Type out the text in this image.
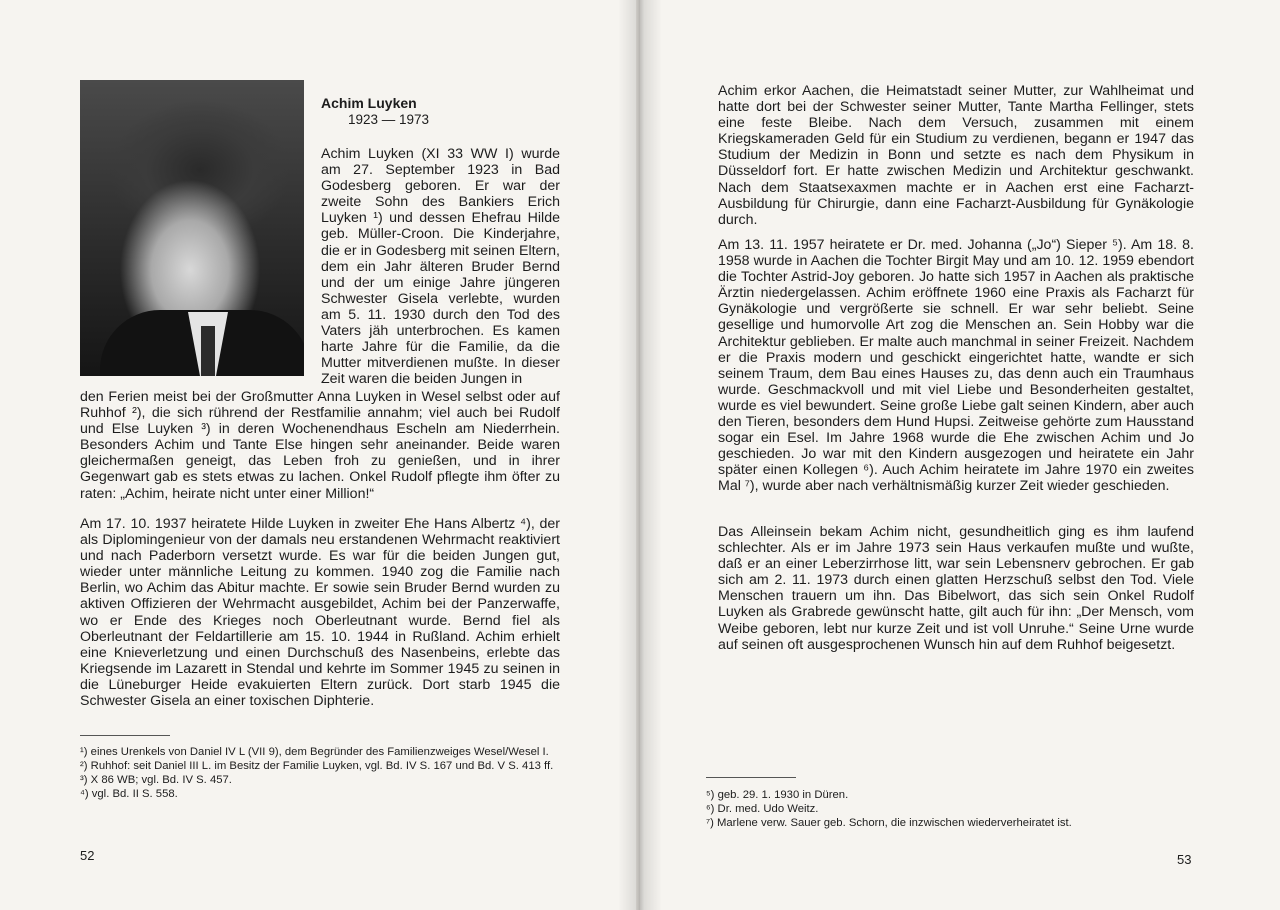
Achim Luyken
1923 — 1973

Achim Luyken (XI 33 WW I) wurde am 27. September 1923 in Bad Godesberg geboren. Er war der zweite Sohn des Bankiers Erich Luyken ¹) und dessen Ehefrau Hilde geb. Müller-Croon. Die Kinderjahre, die er in Godesberg mit seinen Eltern, dem ein Jahr älteren Bruder Bernd und der um einige Jahre jüngeren Schwester Gisela verlebte, wurden am 5. 11. 1930 durch den Tod des Vaters jäh unterbrochen. Es kamen harte Jahre für die Familie, da die Mutter mitverdienen mußte. In dieser Zeit waren die beiden Jungen in

den Ferien meist bei der Großmutter Anna Luyken in Wesel selbst oder auf Ruhhof ²), die sich rührend der Restfamilie annahm; viel auch bei Rudolf und Else Luyken ³) in deren Wochenendhaus Escheln am Niederrhein. Besonders Achim und Tante Else hingen sehr aneinander. Beide waren gleichermaßen geneigt, das Leben froh zu genießen, und in ihrer Gegenwart gab es stets etwas zu lachen. Onkel Rudolf pflegte ihm öfter zu raten: „Achim, heirate nicht unter einer Million!“

Am 17. 10. 1937 heiratete Hilde Luyken in zweiter Ehe Hans Albertz ⁴), der als Diplomingenieur von der damals neu erstandenen Wehrmacht reaktiviert und nach Paderborn versetzt wurde. Es war für die beiden Jungen gut, wieder unter männliche Leitung zu kommen. 1940 zog die Familie nach Berlin, wo Achim das Abitur machte. Er sowie sein Bruder Bernd wurden zu aktiven Offizieren der Wehrmacht ausgebildet, Achim bei der Panzerwaffe, wo er Ende des Krieges noch Oberleutnant wurde. Bernd fiel als Oberleutnant der Feldartillerie am 15. 10. 1944 in Rußland. Achim erhielt eine Knieverletzung und einen Durchschuß des Nasenbeins, erlebte das Kriegsende im Lazarett in Stendal und kehrte im Sommer 1945 zu seinen in die Lüneburger Heide evakuierten Eltern zurück. Dort starb 1945 die Schwester Gisela an einer toxischen Diphterie.

¹) eines Urenkels von Daniel IV L (VII 9), dem Begründer des Familienzweiges Wesel/Wesel I.

²) Ruhhof: seit Daniel III L. im Besitz der Familie Luyken, vgl. Bd. IV S. 167 und Bd. V S. 413 ff.

³) X 86 WB; vgl. Bd. IV S. 457.

⁴) vgl. Bd. II S. 558.

52

Achim erkor Aachen, die Heimatstadt seiner Mutter, zur Wahlheimat und hatte dort bei der Schwester seiner Mutter, Tante Martha Fellinger, stets eine feste Bleibe. Nach dem Versuch, zusammen mit einem Kriegskameraden Geld für ein Studium zu verdienen, begann er 1947 das Studium der Medizin in Bonn und setzte es nach dem Physikum in Düsseldorf fort. Er hatte zwischen Medizin und Architektur geschwankt. Nach dem Staatsexaxmen machte er in Aachen erst eine Facharzt-Ausbildung für Chirurgie, dann eine Facharzt-Ausbildung für Gynäkologie durch.

Am 13. 11. 1957 heiratete er Dr. med. Johanna („Jo“) Sieper ⁵). Am 18. 8. 1958 wurde in Aachen die Tochter Birgit May und am 10. 12. 1959 ebendort die Tochter Astrid-Joy geboren. Jo hatte sich 1957 in Aachen als praktische Ärztin niedergelassen. Achim eröffnete 1960 eine Praxis als Facharzt für Gynäkologie und vergrößerte sie schnell. Er war sehr beliebt. Seine gesellige und humorvolle Art zog die Menschen an. Sein Hobby war die Architektur geblieben. Er malte auch manchmal in seiner Freizeit. Nachdem er die Praxis modern und geschickt eingerichtet hatte, wandte er sich seinem Traum, dem Bau eines Hauses zu, das denn auch ein Traumhaus wurde. Geschmackvoll und mit viel Liebe und Besonderheiten gestaltet, wurde es viel bewundert. Seine große Liebe galt seinen Kindern, aber auch den Tieren, besonders dem Hund Hupsi. Zeitweise gehörte zum Hausstand sogar ein Esel. Im Jahre 1968 wurde die Ehe zwischen Achim und Jo geschieden. Jo war mit den Kindern ausgezogen und heiratete ein Jahr später einen Kollegen ⁶). Auch Achim heiratete im Jahre 1970 ein zweites Mal ⁷), wurde aber nach verhältnismäßig kurzer Zeit wieder geschieden.

Das Alleinsein bekam Achim nicht, gesundheitlich ging es ihm laufend schlechter. Als er im Jahre 1973 sein Haus verkaufen mußte und wußte, daß er an einer Leberzirrhose litt, war sein Lebensnerv gebrochen. Er gab sich am 2. 11. 1973 durch einen glatten Herzschuß selbst den Tod. Viele Menschen trauern um ihn. Das Bibelwort, das sich sein Onkel Rudolf Luyken als Grabrede gewünscht hatte, gilt auch für ihn: „Der Mensch, vom Weibe geboren, lebt nur kurze Zeit und ist voll Unruhe.“ Seine Urne wurde auf seinen oft ausgesprochenen Wunsch hin auf dem Ruhhof beigesetzt.

⁵) geb. 29. 1. 1930 in Düren.

⁶) Dr. med. Udo Weitz.

⁷) Marlene verw. Sauer geb. Schorn, die inzwischen wiederverheiratet ist.

53
